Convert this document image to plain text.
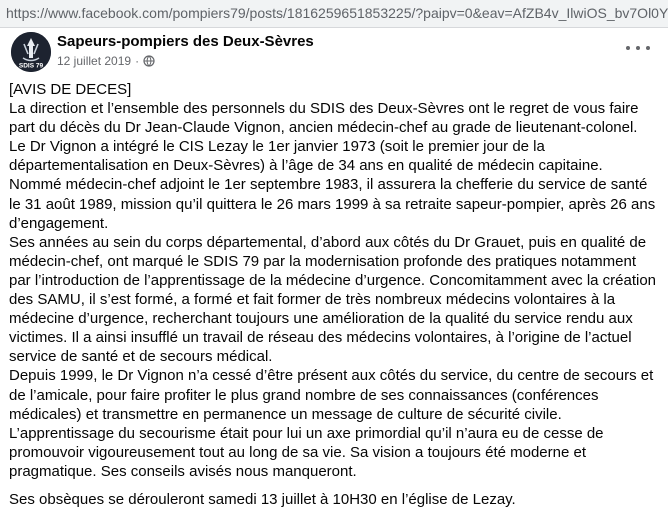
https://www.facebook.com/pompiers79/posts/1816259651853225/?paipv=0&eav=AfZB4v_IlwiOS_bv7Ol0Y
SDIS 79
Sapeurs-pompiers des Deux-Sèvres
12 juillet 2019 ·

[AVIS DE DECES]

La direction et l’ensemble des personnels du SDIS des Deux-Sèvres ont le regret de vous faire part du décès du Dr Jean-Claude Vignon, ancien médecin-chef au grade de lieutenant-colonel.

Le Dr Vignon a intégré le CIS Lezay le 1er janvier 1973 (soit le premier jour de la départementalisation en Deux-Sèvres) à l’âge de 34 ans en qualité de médecin capitaine.

Nommé médecin-chef adjoint le 1er septembre 1983, il assurera la chefferie du service de santé le 31 août 1989, mission qu’il quittera le 26 mars 1999 à sa retraite sapeur-pompier, après 26 ans d’engagement.

Ses années au sein du corps départemental, d’abord aux côtés du Dr Grauet, puis en qualité de médecin-chef, ont marqué le SDIS 79 par la modernisation profonde des pratiques notamment par l’introduction de l’apprentissage de la médecine d’urgence. Concomitamment avec la création des SAMU, il s’est formé, a formé et fait former de très nombreux médecins volontaires à la médecine d’urgence, recherchant toujours une amélioration de la qualité du service rendu aux victimes. Il a ainsi insufflé un travail de réseau des médecins volontaires, à l’origine de l’actuel service de santé et de secours médical.

Depuis 1999, le Dr Vignon n’a cessé d’être présent aux côtés du service, du centre de secours et de l’amicale, pour faire profiter le plus grand nombre de ses connaissances (conférences médicales) et transmettre en permanence un message de culture de sécurité civile. L’apprentissage du secourisme était pour lui un axe primordial qu’il n’aura eu de cesse de promouvoir vigoureusement tout au long de sa vie. Sa vision a toujours été moderne et pragmatique. Ses conseils avisés nous manqueront.

Ses obsèques se dérouleront samedi 13 juillet à 10H30 en l’église de Lezay.
